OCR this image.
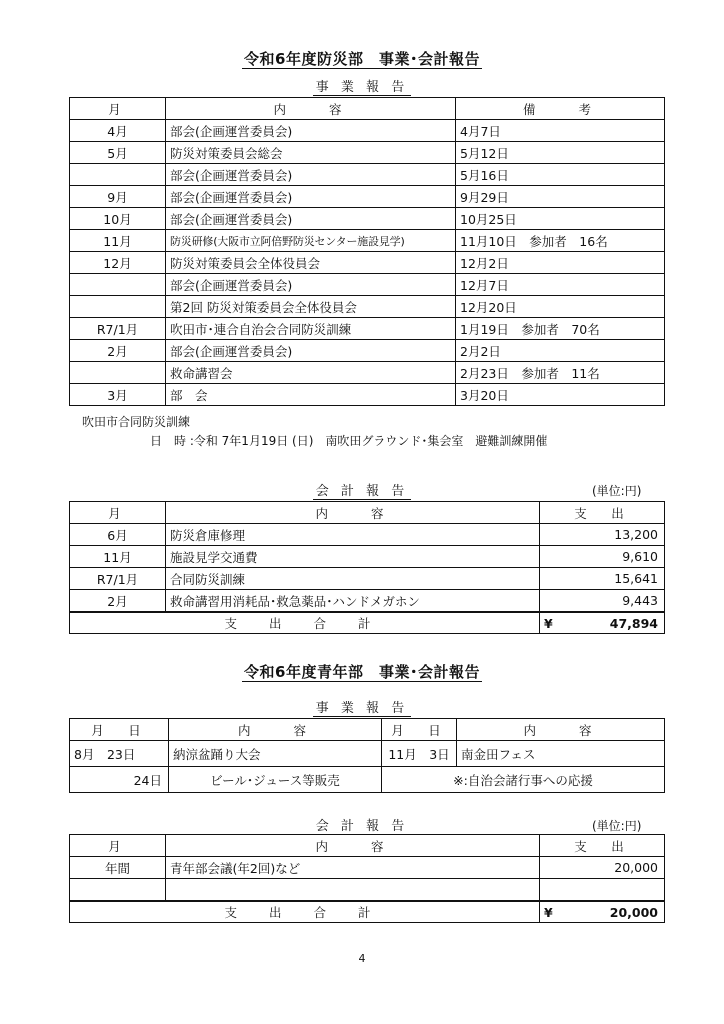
令和6年度防災部　事業･会計報告
事 業 報 告
月	内　　容	備　　考
4月	部会(企画運営委員会)	4月7日
5月	防災対策委員会総会	5月12日
	部会(企画運営委員会)	5月16日
9月	部会(企画運営委員会)	9月29日
10月	部会(企画運営委員会)	10月25日
11月	防災研修(大阪市立阿倍野防災センター施設見学)	11月10日　参加者　16名
12月	防災対策委員会全体役員会	12月2日
	部会(企画運営委員会)	12月7日
	第2回 防災対策委員会全体役員会	12月20日
R7/1月	吹田市･連合自治会合同防災訓練	1月19日　参加者　70名
2月	部会(企画運営委員会)	2月2日
	救命講習会	2月23日　参加者　11名
3月	部　会	3月20日
吹田市合同防災訓練
日　時 :令和 7年1月19日 (日)　南吹田グラウンド･集会室　避難訓練開催
会 計 報 告	(単位:円)
月	内　　容	支　出
6月	防災倉庫修理	13,200
11月	施設見学交通費	9,610
R7/1月	合同防災訓練	15,641
2月	救命講習用消耗品･救急薬品･ハンドメガホン	9,443
支 出 合 計		¥ 47,894
令和6年度青年部　事業･会計報告
事 業 報 告
月　日	内　　容	月　日	内　　容
8月　23日	納涼盆踊り大会	11月　3日	南金田フェス
24日	ビール･ジュース等販売	※:自治会諸行事への応援	
会 計 報 告	(単位:円)
月	内　　容	支　出
年間	青年部会議(年2回)など	20,000

支 出 合 計		¥ 20,000
4
